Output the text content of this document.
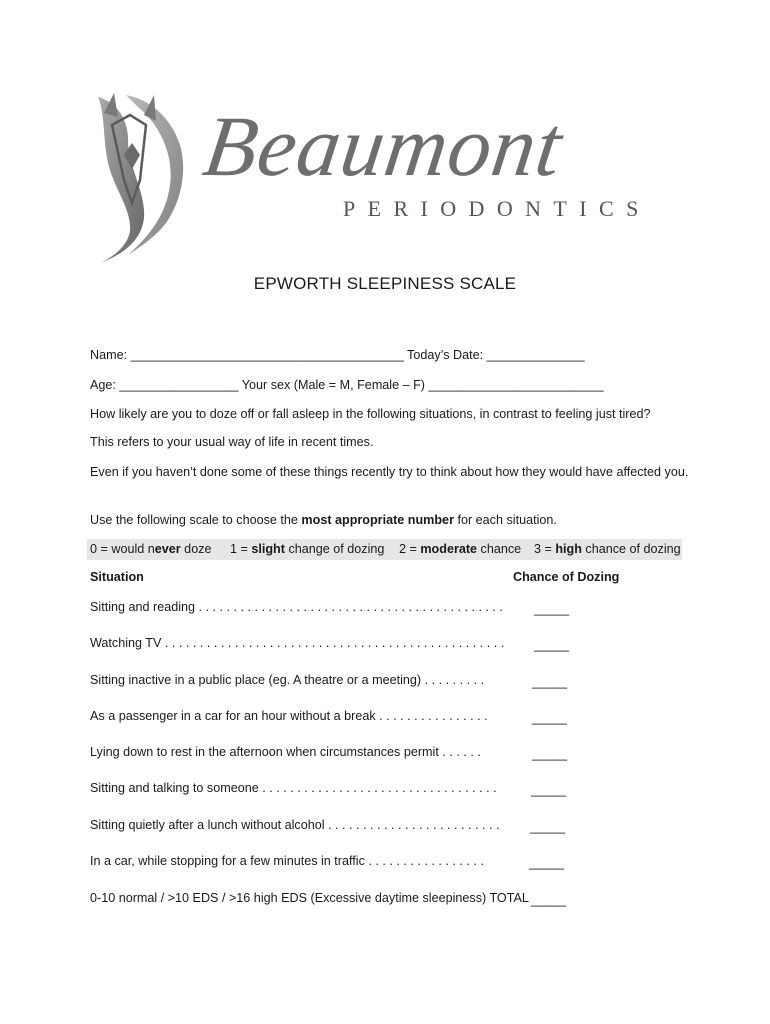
Beaumont
PERIODONTICS
EPWORTH SLEEPINESS SCALE
Name: _______________________________________ Today’s Date: ______________
Age: _________________ Your sex (Male = M, Female – F) _________________________
How likely are you to doze off or fall asleep in the following situations, in contrast to feeling just tired?
This refers to your usual way of life in recent times.
Even if you haven’t done some of these things recently try to think about how they would have affected you.
Use the following scale to choose the most appropriate number for each situation.
0 = would never doze 1 = slight change of dozing 2 = moderate chance 3 = high chance of dozing
Situation	Chance of Dozing
Sitting and reading . . . . . . . . . . . . . . . . . . . . . . . . . . . . . . . . . . . . . . . . . . . . _____
Watching TV . . . . . . . . . . . . . . . . . . . . . . . . . . . . . . . . . . . . . . . . . . . . . . . . . _____
Sitting inactive in a public place (eg. A theatre or a meeting) . . . . . . . . .	_____
As a passenger in a car for an hour without a break . . . . . . . . . . . . . . . .	_____
Lying down to rest in the afternoon when circumstances permit . . . . . .	_____
Sitting and talking to someone . . . . . . . . . . . . . . . . . . . . . . . . . . . . . . . . . .	_____
Sitting quietly after a lunch without alcohol . . . . . . . . . . . . . . . . . . . . . . . . . _____
In a car, while stopping for a few minutes in traffic . . . . . . . . . . . . . . . . .	_____
0-10 normal / >10 EDS / >16 high EDS (Excessive daytime sleepiness) TOTAL _____
